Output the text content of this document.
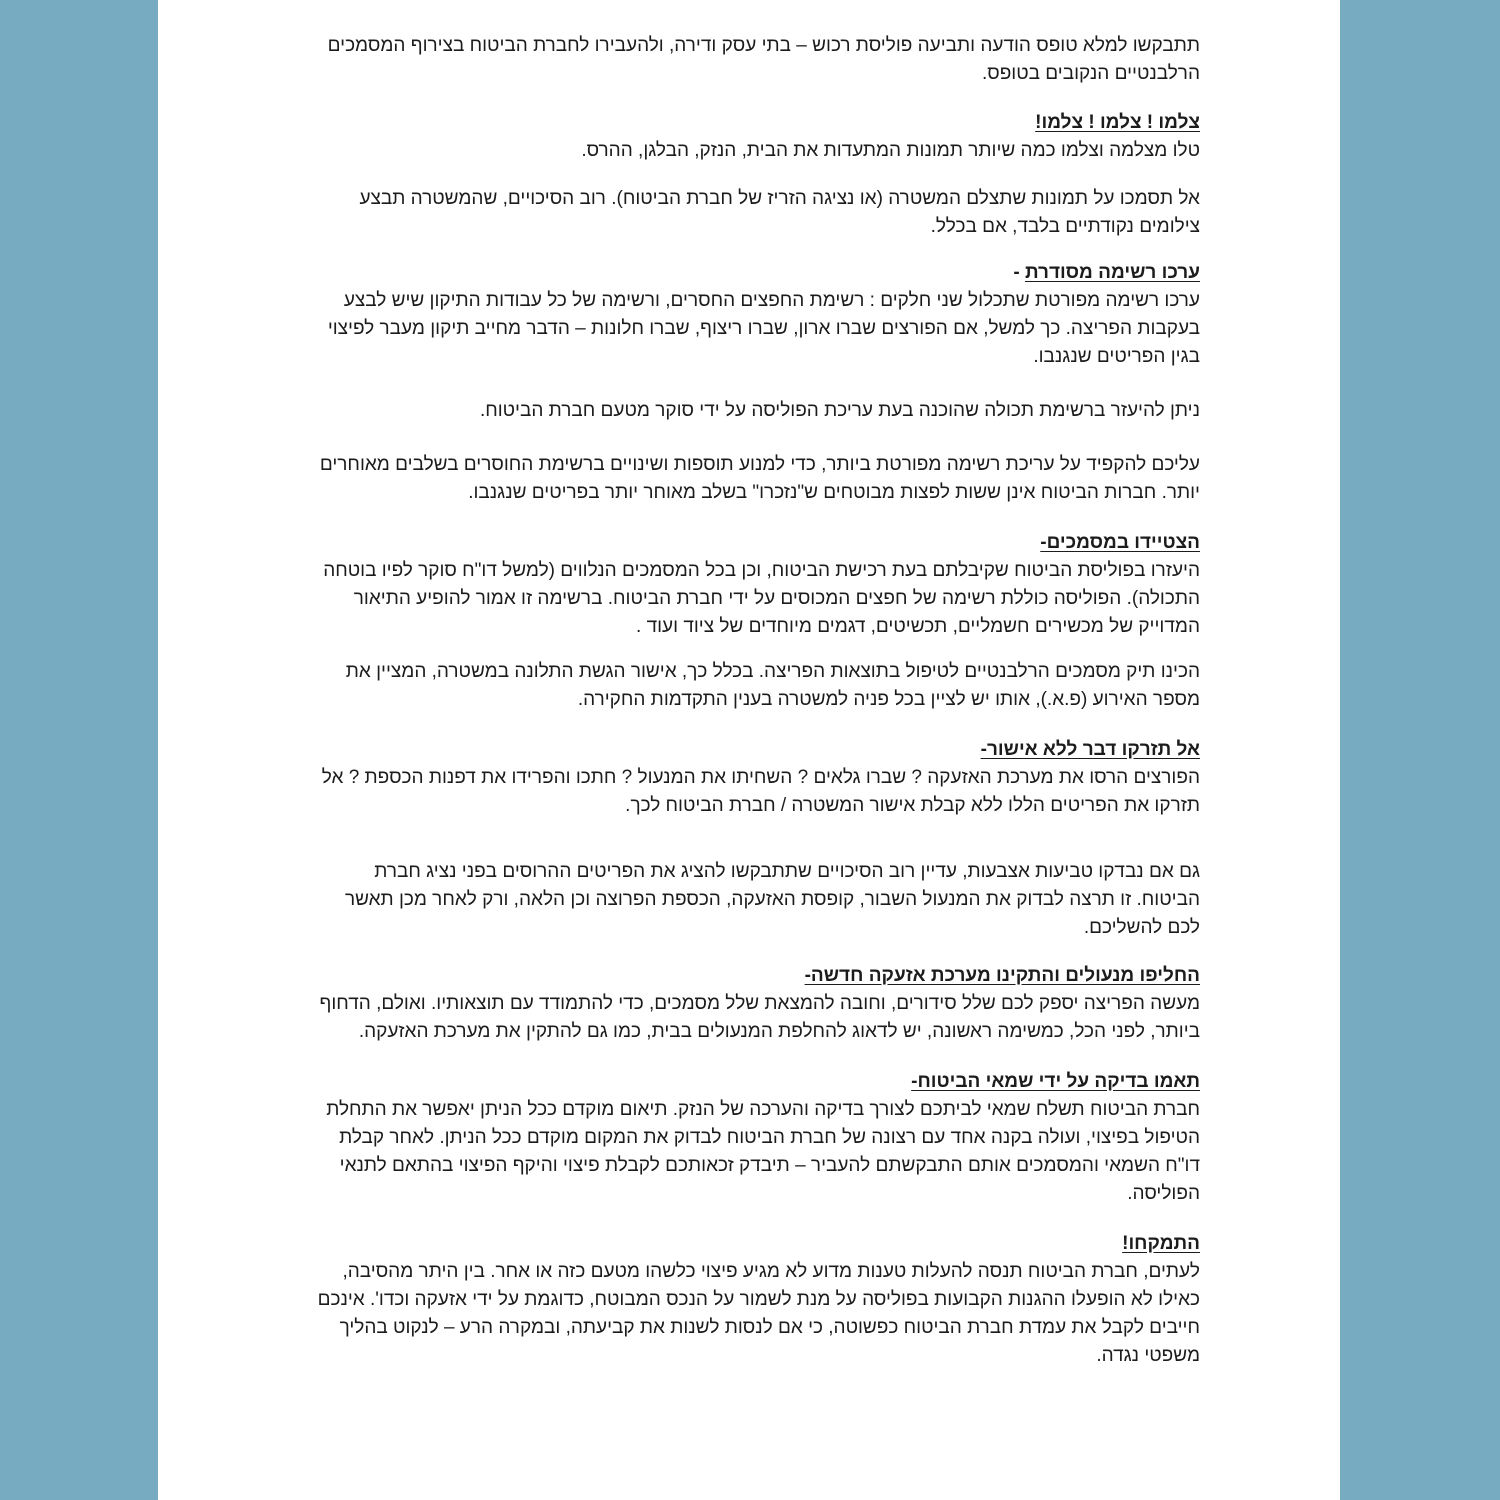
תתבקשו למלא טופס הודעה ותביעה פוליסת רכוש – בתי עסק ודירה, ולהעבירו לחברת הביטוח בצירוף המסמכים הרלבנטיים הנקובים בטופס.

צלמו ! צלמו ! צלמו!

טלו מצלמה וצלמו כמה שיותר תמונות המתעדות את הבית, הנזק, הבלגן, ההרס.

אל תסמכו על תמונות שתצלם המשטרה (או נציגה הזריז של חברת הביטוח). רוב הסיכויים, שהמשטרה תבצע צילומים נקודתיים בלבד, אם בכלל.

ערכו רשימה מסודרת -

ערכו רשימה מפורטת שתכלול שני חלקים : רשימת החפצים החסרים, ורשימה של כל עבודות התיקון שיש לבצע בעקבות הפריצה. כך למשל, אם הפורצים שברו ארון, שברו ריצוף, שברו חלונות – הדבר מחייב תיקון מעבר לפיצוי בגין הפריטים שנגנבו.

ניתן להיעזר ברשימת תכולה שהוכנה בעת עריכת הפוליסה על ידי סוקר מטעם חברת הביטוח.

עליכם להקפיד על עריכת רשימה מפורטת ביותר, כדי למנוע תוספות ושינויים ברשימת החוסרים בשלבים מאוחרים יותר. חברות הביטוח אינן ששות לפצות מבוטחים ש"נזכרו" בשלב מאוחר יותר בפריטים שנגנבו.

הצטיידו במסמכים-

היעזרו בפוליסת הביטוח שקיבלתם בעת רכישת הביטוח, וכן בכל המסמכים הנלווים (למשל דו"ח סוקר לפיו בוטחה התכולה). הפוליסה כוללת רשימה של חפצים המכוסים על ידי חברת הביטוח. ברשימה זו אמור להופיע התיאור המדוייק של מכשירים חשמליים, תכשיטים, דגמים מיוחדים של ציוד ועוד .

הכינו תיק מסמכים הרלבנטיים לטיפול בתוצאות הפריצה. בכלל כך, אישור הגשת התלונה במשטרה, המציין את מספר האירוע (פ.א.), אותו יש לציין בכל פניה למשטרה בענין התקדמות החקירה.

אל תזרקו דבר ללא אישור-

הפורצים הרסו את מערכת האזעקה ? שברו גלאים ? השחיתו את המנעול ? חתכו והפרידו את דפנות הכספת ? אל תזרקו את הפריטים הללו ללא קבלת אישור המשטרה / חברת הביטוח לכך.

גם אם נבדקו טביעות אצבעות, עדיין רוב הסיכויים שתתבקשו להציג את הפריטים ההרוסים בפני נציג חברת הביטוח. זו תרצה לבדוק את המנעול השבור, קופסת האזעקה, הכספת הפרוצה וכן הלאה, ורק לאחר מכן תאשר לכם להשליכם.

החליפו מנעולים והתקינו מערכת אזעקה חדשה-

מעשה הפריצה יספק לכם שלל סידורים, וחובה להמצאת שלל מסמכים, כדי להתמודד עם תוצאותיו. ואולם, הדחוף ביותר, לפני הכל, כמשימה ראשונה, יש לדאוג להחלפת המנעולים בבית, כמו גם להתקין את מערכת האזעקה.

תאמו בדיקה על ידי שמאי הביטוח-

חברת הביטוח תשלח שמאי לביתכם לצורך בדיקה והערכה של הנזק. תיאום מוקדם ככל הניתן יאפשר את התחלת הטיפול בפיצוי, ועולה בקנה אחד עם רצונה של חברת הביטוח לבדוק את המקום מוקדם ככל הניתן. לאחר קבלת דו"ח השמאי והמסמכים אותם התבקשתם להעביר – תיבדק זכאותכם לקבלת פיצוי והיקף הפיצוי בהתאם לתנאי הפוליסה.

התמקחו!

לעתים, חברת הביטוח תנסה להעלות טענות מדוע לא מגיע פיצוי כלשהו מטעם כזה או אחר. בין היתר מהסיבה, כאילו לא הופעלו ההגנות הקבועות בפוליסה על מנת לשמור על הנכס המבוטח, כדוגמת על ידי אזעקה וכדו'. אינכם חייבים לקבל את עמדת חברת הביטוח כפשוטה, כי אם לנסות לשנות את קביעתה, ובמקרה הרע – לנקוט בהליך משפטי נגדה.
